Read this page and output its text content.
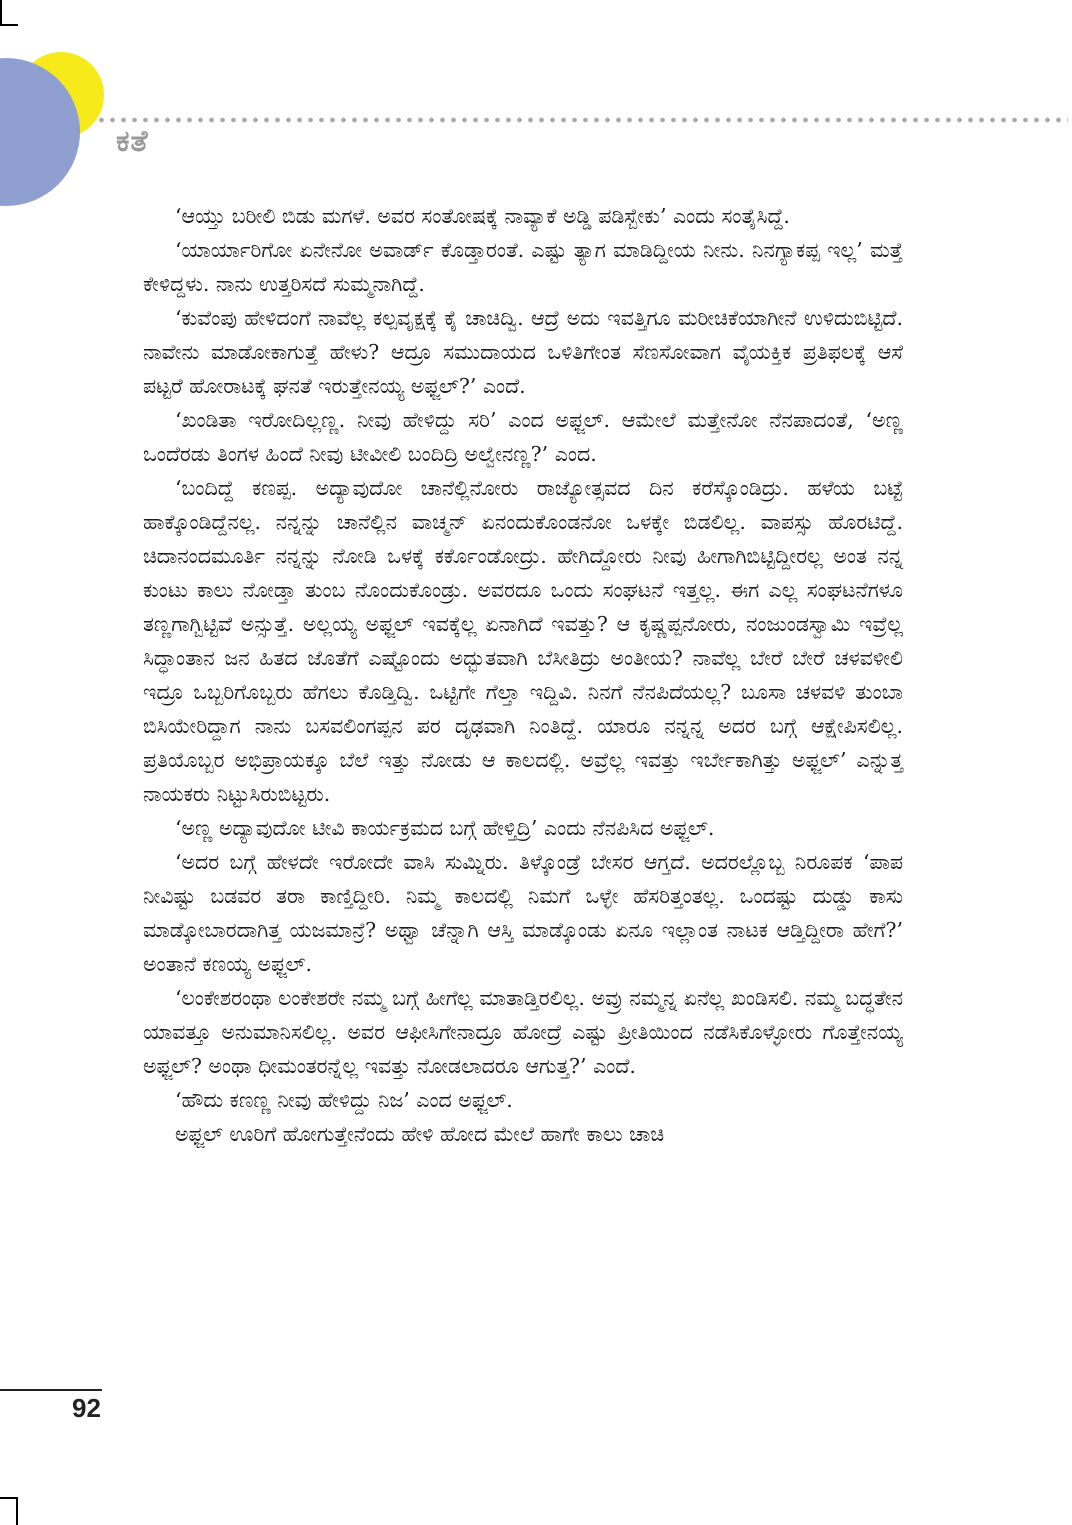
ಕತೆ

‘ಆಯ್ತು ಬರೀಲಿ ಬಿಡು ಮಗಳೆ. ಅವರ ಸಂತೋಷಕ್ಕೆ ನಾವ್ಯಾಕೆ ಅಡ್ಡಿ ಪಡಿಸ್ಬೇಕು’ ಎಂದು ಸಂತೈಸಿದ್ದೆ.

‘ಯಾರ್ಯಾರಿಗೋ ಏನೇನೋ ಅವಾರ್ಡ್ ಕೊಡ್ತಾರಂತೆ. ಎಷ್ಟು ತ್ಯಾಗ ಮಾಡಿದ್ದೀಯ ನೀನು. ನಿನಗ್ಯಾಕಪ್ಪ ಇಲ್ಲ’ ಮತ್ತೆ ಕೇಳಿದ್ದಳು. ನಾನು ಉತ್ತರಿಸದೆ ಸುಮ್ಮನಾಗಿದ್ದೆ.

‘ಕುವೆಂಪು ಹೇಳಿದಂಗೆ ನಾವೆಲ್ಲ ಕಲ್ಪವೃಕ್ಷಕ್ಕೆ ಕೈ ಚಾಚಿದ್ವಿ. ಆದ್ರೆ ಅದು ಇವತ್ತಿಗೂ ಮರೀಚಿಕೆಯಾಗೀನೆ ಉಳಿದುಬಿಟ್ಟಿದೆ. ನಾವೇನು ಮಾಡೋಕಾಗುತ್ತೆ ಹೇಳು? ಆದ್ರೂ ಸಮುದಾಯದ ಒಳಿತಿಗೇಂತ ಸೆಣಸೋವಾಗ ವೈಯಕ್ತಿಕ ಪ್ರತಿಫಲಕ್ಕೆ ಆಸೆ ಪಟ್ಟರೆ ಹೋರಾಟಕ್ಕೆ ಘನತೆ ಇರುತ್ತೇನಯ್ಯ ಅಫ್ಜಲ್?’ ಎಂದೆ.

‘ಖಂಡಿತಾ ಇರೋದಿಲ್ಲಣ್ಣ. ನೀವು ಹೇಳಿದ್ದು ಸರಿ’ ಎಂದ ಅಫ್ಜಲ್. ಆಮೇಲೆ ಮತ್ತೇನೋ ನೆನಪಾದಂತೆ, ‘ಅಣ್ಣ ಒಂದೆರಡು ತಿಂಗಳ ಹಿಂದೆ ನೀವು ಟೀವೀಲಿ ಬಂದಿದ್ರಿ ಅಲ್ವೇನಣ್ಣ?’ ಎಂದ.

‘ಬಂದಿದ್ದೆ ಕಣಪ್ಪ. ಅದ್ಯಾವುದೋ ಚಾನೆಲ್ಲಿನೋರು ರಾಜ್ಯೋತ್ಸವದ ದಿನ ಕರೆಸ್ಕೊಂಡಿದ್ರು. ಹಳೆಯ ಬಟ್ಟೆ ಹಾಕ್ಕೊಂಡಿದ್ದೆನಲ್ಲ. ನನ್ನನ್ನು ಚಾನೆಲ್ಲಿನ ವಾಚ್ಮನ್ ಏನಂದುಕೊಂಡನೋ ಒಳಕ್ಕೇ ಬಿಡಲಿಲ್ಲ. ವಾಪಸ್ಸು ಹೊರಟಿದ್ದೆ. ಚಿದಾನಂದಮೂರ್ತಿ ನನ್ನನ್ನು ನೋಡಿ ಒಳಕ್ಕೆ ಕರ್ಕೊಂಡೋದ್ರು. ಹೇಗಿದ್ದೋರು ನೀವು ಹೀಗಾಗಿಬಿಟ್ಟಿದ್ದೀರಲ್ಲ ಅಂತ ನನ್ನ ಕುಂಟು ಕಾಲು ನೋಡ್ತಾ ತುಂಬ ನೊಂದುಕೊಂಡ್ರು. ಅವರದೂ ಒಂದು ಸಂಘಟನೆ ಇತ್ತಲ್ಲ. ಈಗ ಎಲ್ಲ ಸಂಘಟನೆಗಳೂ ತಣ್ಣಗಾಗ್ಬಿಟ್ಟಿವೆ ಅನ್ಸುತ್ತೆ. ಅಲ್ಲಯ್ಯ ಅಫ್ಜಲ್ ಇವಕ್ಕೆಲ್ಲ ಏನಾಗಿದೆ ಇವತ್ತು? ಆ ಕೃಷ್ಣಪ್ಪನೋರು, ನಂಜುಂಡಸ್ವಾಮಿ ಇವ್ರೆಲ್ಲ ಸಿದ್ಧಾಂತಾನ ಜನ ಹಿತದ ಜೊತೆಗೆ ಎಷ್ಟೊಂದು ಅದ್ಭುತವಾಗಿ ಬೆಸೀತಿದ್ರು ಅಂತೀಯ? ನಾವೆಲ್ಲ ಬೇರೆ ಬೇರೆ ಚಳವಳೀಲಿ ಇದ್ರೂ ಒಬ್ಬರಿಗೊಬ್ಬರು ಹೆಗಲು ಕೊಡ್ತಿದ್ವಿ. ಒಟ್ಟಿಗೇ ಗೆಲ್ತಾ ಇದ್ದಿವಿ. ನಿನಗೆ ನೆನಪಿದೆಯಲ್ಲ? ಬೂಸಾ ಚಳವಳಿ ತುಂಬಾ ಬಿಸಿಯೇರಿದ್ದಾಗ ನಾನು ಬಸವಲಿಂಗಪ್ಪನ ಪರ ದೃಢವಾಗಿ ನಿಂತಿದ್ದೆ. ಯಾರೂ ನನ್ನನ್ನ ಅದರ ಬಗ್ಗೆ ಆಕ್ಷೇಪಿಸಲಿಲ್ಲ. ಪ್ರತಿಯೊಬ್ಬರ ಅಭಿಪ್ರಾಯಕ್ಕೂ ಬೆಲೆ ಇತ್ತು ನೋಡು ಆ ಕಾಲದಲ್ಲಿ. ಅವ್ರೆಲ್ಲ ಇವತ್ತು ಇರ್ಬೇಕಾಗಿತ್ತು ಅಫ್ಜಲ್’ ಎನ್ನುತ್ತ ನಾಯಕರು ನಿಟ್ಟುಸಿರುಬಿಟ್ಟರು.

‘ಅಣ್ಣ ಅದ್ಯಾವುದೋ ಟೀವಿ ಕಾರ್ಯಕ್ರಮದ ಬಗ್ಗೆ ಹೇಳ್ತಿದ್ರಿ’ ಎಂದು ನೆನಪಿಸಿದ ಅಫ್ಜಲ್.

‘ಅದರ ಬಗ್ಗೆ ಹೇಳದೇ ಇರೋದೇ ವಾಸಿ ಸುಮ್ನಿರು. ತಿಳ್ಕೊಂಡ್ರೆ ಬೇಸರ ಆಗ್ತದೆ. ಅದರಲ್ಲೊಬ್ಬ ನಿರೂಪಕ ‘ಪಾಪ ನೀವಿಷ್ಟು ಬಡವರ ತರಾ ಕಾಣ್ತಿದ್ದೀರಿ. ನಿಮ್ಮ ಕಾಲದಲ್ಲಿ ನಿಮಗೆ ಒಳ್ಳೇ ಹೆಸರಿತ್ತಂತಲ್ಲ. ಒಂದಷ್ಟು ದುಡ್ಡು ಕಾಸು ಮಾಡ್ಕೋಬಾರದಾಗಿತ್ತ ಯಜಮಾನ್ರೆ? ಅಥ್ವಾ ಚೆನ್ನಾಗಿ ಆಸ್ತಿ ಮಾಡ್ಕೊಂಡು ಏನೂ ಇಲ್ಲಾಂತ ನಾಟಕ ಆಡ್ತಿದ್ದೀರಾ ಹೇಗೆ?’ ಅಂತಾನೆ ಕಣಯ್ಯ ಅಫ್ಜಲ್.

‘ಲಂಕೇಶರಂಥಾ ಲಂಕೇಶರೇ ನಮ್ಮ ಬಗ್ಗೆ ಹೀಗೆಲ್ಲ ಮಾತಾಡ್ತಿರಲಿಲ್ಲ. ಅವ್ರು ನಮ್ಮನ್ನ ಏನೆಲ್ಲ ಖಂಡಿಸಲಿ. ನಮ್ಮ ಬದ್ಧತೇನ ಯಾವತ್ತೂ ಅನುಮಾನಿಸಲಿಲ್ಲ. ಅವರ ಆಫೀಸಿಗೇನಾದ್ರೂ ಹೋದ್ರೆ ಎಷ್ಟು ಪ್ರೀತಿಯಿಂದ ನಡೆಸಿಕೊಳ್ಳೋರು ಗೊತ್ತೇನಯ್ಯ ಅಫ್ಜಲ್? ಅಂಥಾ ಧೀಮಂತರನ್ನೆಲ್ಲ ಇವತ್ತು ನೋಡಲಾದರೂ ಆಗುತ್ತ?’ ಎಂದೆ.

‘ಹೌದು ಕಣಣ್ಣ ನೀವು ಹೇಳಿದ್ದು ನಿಜ’ ಎಂದ ಅಫ್ಜಲ್.

ಅಫ್ಜಲ್ ಊರಿಗೆ ಹೋಗುತ್ತೇನೆಂದು ಹೇಳಿ ಹೋದ ಮೇಲೆ ಹಾಗೇ ಕಾಲು ಚಾಚಿ

92
